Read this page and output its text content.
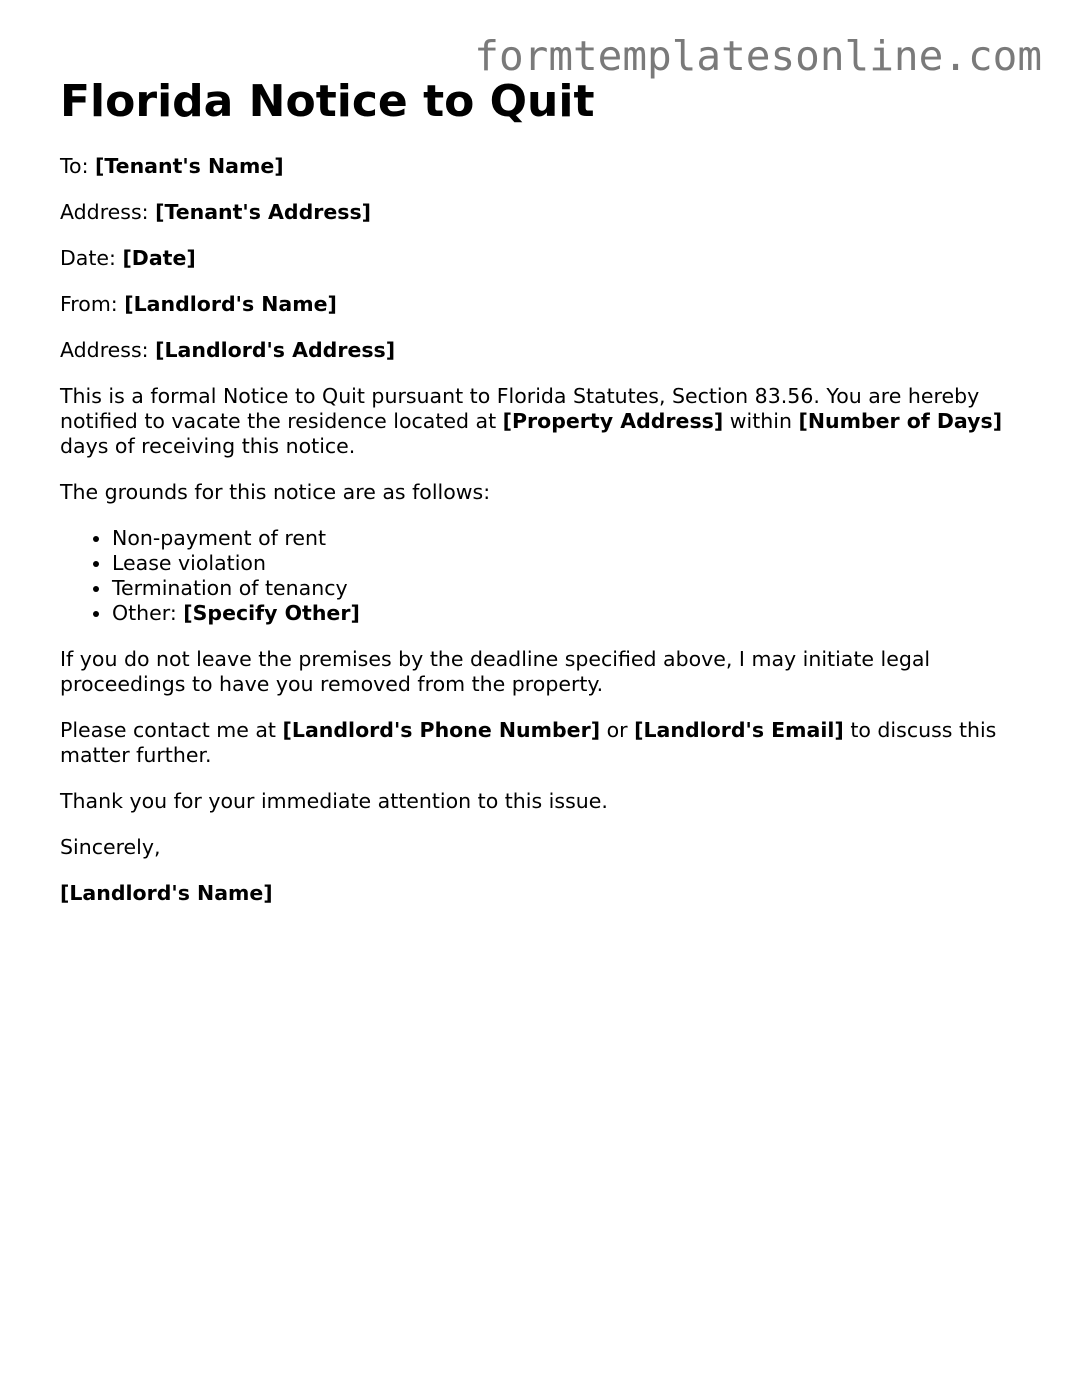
formtemplatesonline.com
Florida Notice to Quit

To: [Tenant's Name]

Address: [Tenant's Address]

Date: [Date]

From: [Landlord's Name]

Address: [Landlord's Address]

This is a formal Notice to Quit pursuant to Florida Statutes, Section 83.56. You are hereby notified to vacate the residence located at [Property Address] within [Number of Days] days of receiving this notice.

The grounds for this notice are as follows:

• Non-payment of rent
• Lease violation
• Termination of tenancy
• Other: [Specify Other]

If you do not leave the premises by the deadline specified above, I may initiate legal proceedings to have you removed from the property.

Please contact me at [Landlord's Phone Number] or [Landlord's Email] to discuss this matter further.

Thank you for your immediate attention to this issue.

Sincerely,

[Landlord's Name]
